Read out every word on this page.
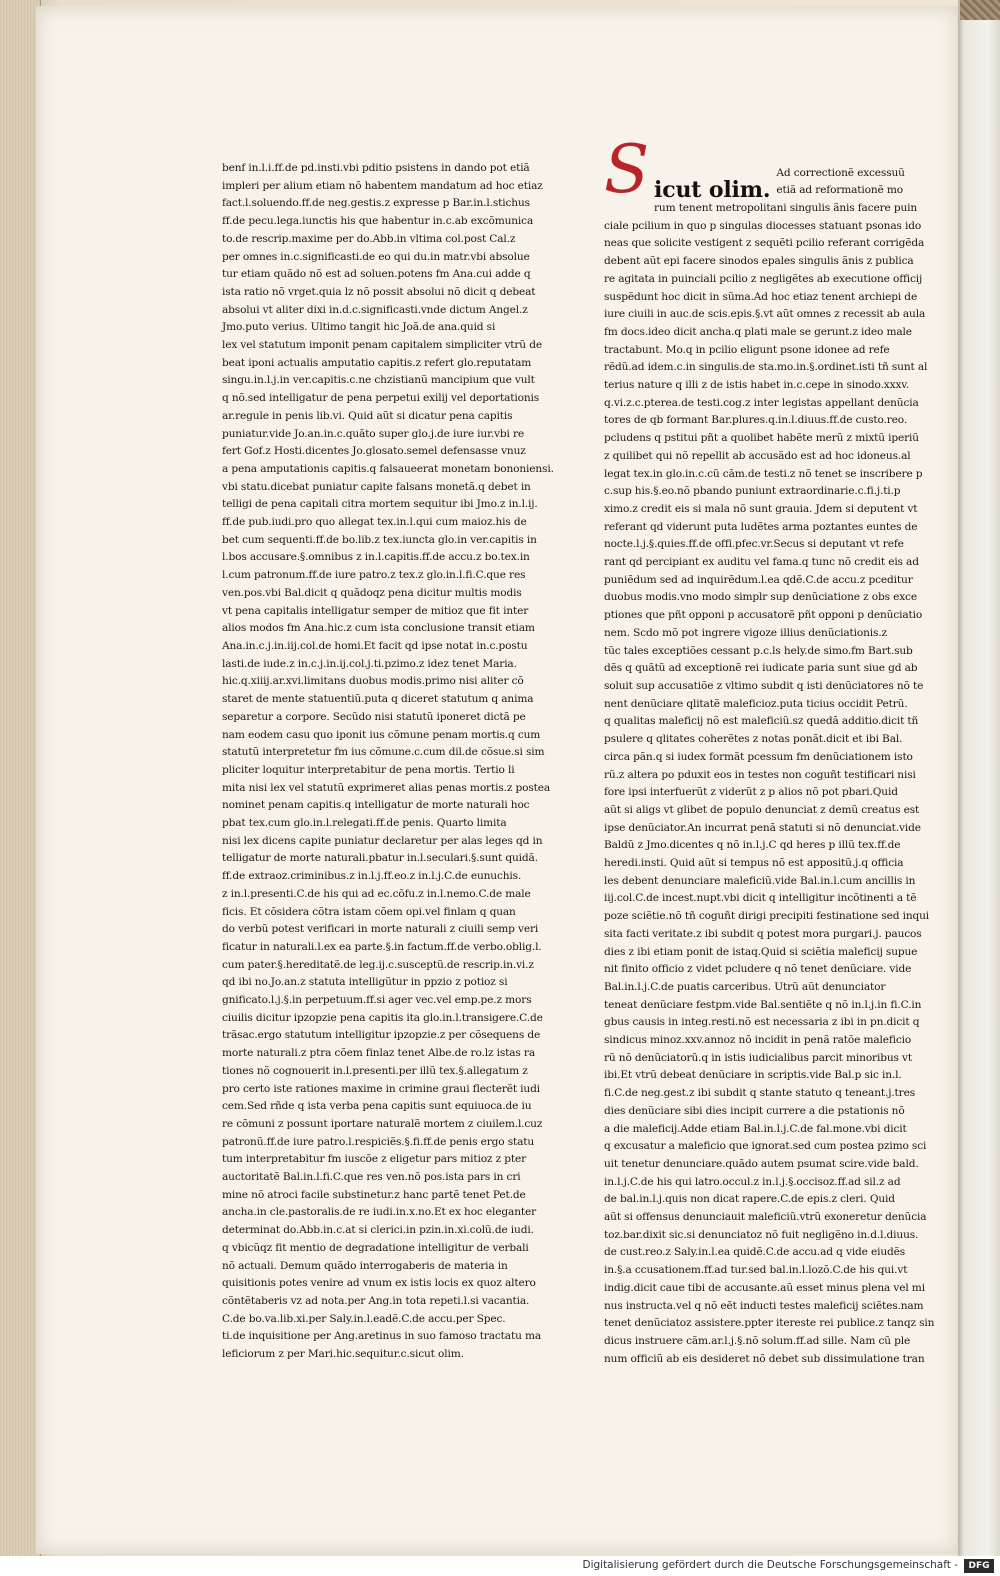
benf in.l.i.ff.de pd.insti.vbi pditio psistens in dando pot etiã
impleri per alium etiam nõ habentem mandatum ad hoc etiaz
fact.l.soluendo.ff.de neg.gestis.z expresse p Bar.in.l.stichus
ff.de pecu.lega.iunctis his que habentur in.c.ab excõmunica
to.de rescrip.maxime per do.Abb.in vltima col.post Cal.z
per omnes in.c.significasti.de eo qui du.in matr.vbi absolue
tur etiam quãdo nõ est ad soluen.potens fm Ana.cui adde q
ista ratio nõ vrget.quia lz nõ possit absolui nõ dicit q debeat
absolui vt aliter dixi in.d.c.significasti.vnde dictum Angel.z
Jmo.puto verius. Ultimo tangit hic Joã.de ana.quid si
lex vel statutum imponit penam capitalem simpliciter vtrũ de
beat iponi actualis amputatio capitis.z refert glo.reputatam
singu.in.l.j.in ver.capitis.c.ne chzistianũ mancipium que vult
q nõ.sed intelligatur de pena perpetui exilij vel deportationis
ar.regule in penis lib.vi. Quid aũt si dicatur pena capitis
puniatur.vide Jo.an.in.c.quãto super glo.j.de iure iur.vbi re
fert Gof.z Hosti.dicentes Jo.glosato.semel defensasse vnuz
a pena amputationis capitis.q falsaueerat monetam bononiensi.
vbi statu.dicebat puniatur capite falsans monetã.q debet in
telligi de pena capitali citra mortem sequitur ibi Jmo.z in.l.ij.
ff.de pub.iudi.pro quo allegat tex.in.l.qui cum maioz.his de
bet cum sequenti.ff.de bo.lib.z tex.iuncta glo.in ver.capitis in
l.bos accusare.§.omnibus z in.l.capitis.ff.de accu.z bo.tex.in
l.cum patronum.ff.de iure patro.z tex.z glo.in.l.fi.C.que res
ven.pos.vbi Bal.dicit q quãdoqz pena dicitur multis modis
vt pena capitalis intelligatur semper de mitioz que fit inter
alios modos fm Ana.hic.z cum ista conclusione transit etiam
Ana.in.c.j.in.iij.col.de homi.Et facit qd ipse notat in.c.postu
lasti.de iude.z in.c.j.in.ij.col.j.ti.pzimo.z idez tenet Maria.
hic.q.xiiij.ar.xvi.limitans duobus modis.primo nisi aliter cõ
staret de mente statuentiũ.puta q diceret statutum q anima
separetur a corpore. Secũdo nisi statutũ iponeret dictã pe
nam eodem casu quo iponit ius cõmune penam mortis.q cum
statutũ interpretetur fm ius cõmune.c.cum dil.de cõsue.si sim
pliciter loquitur interpretabitur de pena mortis. Tertio li
mita nisi lex vel statutũ exprimeret alias penas mortis.z postea
nominet penam capitis.q intelligatur de morte naturali hoc
pbat tex.cum glo.in.l.relegati.ff.de penis. Quarto limita
nisi lex dicens capite puniatur declaretur per alas leges qd in
telligatur de morte naturali.pbatur in.l.seculari.§.sunt quidã.
ff.de extraoz.criminibus.z in.l.j.ff.eo.z in.l.j.C.de eunuchis.
z in.l.presenti.C.de his qui ad ec.cõfu.z in.l.nemo.C.de male
ficis. Et cõsidera cõtra istam cõem opi.vel finlam q quan
do verbũ potest verificari in morte naturali z ciuili semp veri
ficatur in naturali.l.ex ea parte.§.in factum.ff.de verbo.oblig.l.
cum pater.§.hereditatẽ.de leg.ij.c.susceptũ.de rescrip.in.vi.z
qd ibi no.Jo.an.z statuta intelligũtur in ppzio z potioz si
gnificato.l.j.§.in perpetuum.ff.si ager vec.vel emp.pe.z mors
ciuilis dicitur ipzopzie pena capitis ita glo.in.l.transigere.C.de
trãsac.ergo statutum intelligitur ipzopzie.z per cõsequens de
morte naturali.z ptra cõem finlaz tenet Albe.de ro.lz istas ra
tiones nõ cognouerit in.l.presenti.per illũ tex.§.allegatum z
pro certo iste rationes maxime in crimine graui flecterẽt iudi
cem.Sed rñde q ista verba pena capitis sunt equiuoca.de iu
re cõmuni z possunt iportare naturalẽ mortem z ciuilem.l.cuz
patronũ.ff.de iure patro.l.respiciẽs.§.fi.ff.de penis ergo statu
tum interpretabitur fm iuscõe z eligetur pars mitioz z pter
auctoritatẽ Bal.in.l.fi.C.que res ven.nõ pos.ista pars in cri
mine nõ atroci facile substinetur.z hanc partẽ tenet Pet.de
ancha.in cle.pastoralis.de re iudi.in.x.no.Et ex hoc eleganter
determinat do.Abb.in.c.at si clerici.in pzin.in.xi.colũ.de iudi.
q vbicũqz fit mentio de degradatione intelligitur de verbali
nõ actuali. Demum quãdo interrogaberis de materia in
quisitionis potes venire ad vnum ex istis locis ex quoz altero
cõntẽtaberis vz ad nota.per Ang.in tota repeti.l.si vacantia.
C.de bo.va.lib.xi.per Saly.in.l.eadẽ.C.de accu.per Spec.
ti.de inquisitione per Ang.aretinus in suo famoso tractatu ma
leficiorum z per Mari.hic.sequitur.c.sicut olim.
S icut olim.
Ad correctionẽ excessuũ
etiã ad reformationẽ mo
rum tenent metropolitani singulis ãnis facere puin
ciale pcilium in quo p singulas diocesses statuant psonas ido
neas que solicite vestigent z sequẽti pcilio referant corrigẽda
debent aũt epi facere sinodos epales singulis ãnis z publica
re agitata in puinciali pcilio z negligẽtes ab executione officij
suspẽdunt hoc dicit in sũma.Ad hoc etiaz tenent archiepi de
iure ciuili in auc.de scis.epis.§.vt aũt omnes z recessit ab aula
fm docs.ideo dicit ancha.q plati male se gerunt.z ideo male
tractabunt. Mo.q in pcilio eligunt psone idonee ad refe
rẽdũ.ad idem.c.in singulis.de sta.mo.in.§.ordinet.isti tñ sunt al
terius nature q illi z de istis habet in.c.cepe in sinodo.xxxv.
q.vi.z.c.pterea.de testi.cog.z inter legistas appellant denũcia
tores de qb formant Bar.plures.q.in.l.diuus.ff.de custo.reo.
pcludens q pstitui pñt a quolibet habẽte merũ z mixtũ iperiũ
z quilibet qui nõ repellit ab accusãdo est ad hoc idoneus.al
legat tex.in glo.in.c.cũ cãm.de testi.z nõ tenet se inscribere p
c.sup his.§.eo.nõ pbando puniunt extraordinarie.c.fi.j.ti.p
ximo.z credit eis si mala nõ sunt grauia. Jdem si deputent vt
referant qd viderunt puta ludẽtes arma poztantes euntes de
nocte.l.j.§.quies.ff.de offi.pfec.vr.Secus si deputant vt refe
rant qd percipiant ex auditu vel fama.q tunc nõ credit eis ad
puniẽdum sed ad inquirẽdum.l.ea qdẽ.C.de accu.z pceditur
duobus modis.vno modo simplr sup denũciatione z obs exce
ptiones que pñt opponi p accusatorẽ pñt opponi p denũciatio
nem. Scdo mõ pot ingrere vigoze illius denũciationis.z
tũc tales exceptiões cessant p.c.ls hely.de simo.fm Bart.sub
dẽs q quãtũ ad exceptionẽ rei iudicate paria sunt siue gd ab
soluit sup accusatiõe z vltimo subdit q isti denũciatores nõ te
nent denũciare qlitatẽ maleficioz.puta ticius occidit Petrũ.
q qualitas maleficij nõ est maleficiũ.sz quedã additio.dicit tñ
psulere q qlitates coherẽtes z notas ponãt.dicit et ibi Bal.
circa pãn.q si iudex formãt pcessum fm denũciationem isto
rũ.z altera po pduxit eos in testes non coguñt testificari nisi
fore ipsi interfuerũt z viderũt z p alios nõ pot pbari.Quid
aũt si aligs vt glibet de populo denunciat z demũ creatus est
ipse denũciator.An incurrat penã statuti si nõ denunciat.vide
Baldũ z Jmo.dicentes q nõ in.l.j.C qd heres p illũ tex.ff.de
heredi.insti. Quid aũt si tempus nõ est appositũ.j.q officia
les debent denunciare maleficiũ.vide Bal.in.l.cum ancillis in
iij.col.C.de incest.nupt.vbi dicit q intelligitur incõtinenti a tẽ
poze sciẽtie.nõ tñ coguñt dirigi precipiti festinatione sed inqui
sita facti veritate.z ibi subdit q potest mora purgari.j. paucos
dies z ibi etiam ponit de istaq.Quid si sciẽtia maleficij supue
nit finito officio z videt pcludere q nõ tenet denũciare. vide
Bal.in.l.j.C.de puatis carceribus. Utrũ aũt denunciator
teneat denũciare festpm.vide Bal.sentiẽte q nõ in.l.j.in fi.C.in
gbus causis in integ.resti.nõ est necessaria z ibi in pn.dicit q
sindicus minoz.xxv.annoz nõ incidit in penã ratõe maleficio
rũ nõ denũciatorũ.q in istis iudicialibus parcit minoribus vt
ibi.Et vtrũ debeat denũciare in scriptis.vide Bal.p sic in.l.
fi.C.de neg.gest.z ibi subdit q stante statuto q teneant.j.tres
dies denũciare sibi dies incipit currere a die pstationis nõ
a die maleficij.Adde etiam Bal.in.l.j.C.de fal.mone.vbi dicit
q excusatur a maleficio que ignorat.sed cum postea pzimo sci
uit tenetur denunciare.quãdo autem psumat scire.vide bald.
in.l.j.C.de his qui latro.occul.z in.l.j.§.occisoz.ff.ad sil.z ad
de bal.in.l.j.quis non dicat rapere.C.de epis.z cleri. Quid
aũt si offensus denunciauit maleficiũ.vtrũ exoneretur denũcia
toz.bar.dixit sic.si denunciatoz nõ fuit negligẽno in.d.l.diuus.
de cust.reo.z Saly.in.l.ea quidẽ.C.de accu.ad q vide eiudẽs
in.§.a ccusationem.ff.ad tur.sed bal.in.l.lozõ.C.de his qui.vt
indig.dicit caue tibi de accusante.aũ esset minus plena vel mi
nus instructa.vel q nõ eẽt inducti testes maleficij sciẽtes.nam
tenet denũciatoz assistere.ppter itereste rei publice.z tanqz sin
dicus instruere cãm.ar.l.j.§.nõ solum.ff.ad sille. Nam cũ ple
num officiũ ab eis desideret nõ debet sub dissimulatione tran
Digitalisierung gefördert durch die Deutsche Forschungsgemeinschaft -	DFG
